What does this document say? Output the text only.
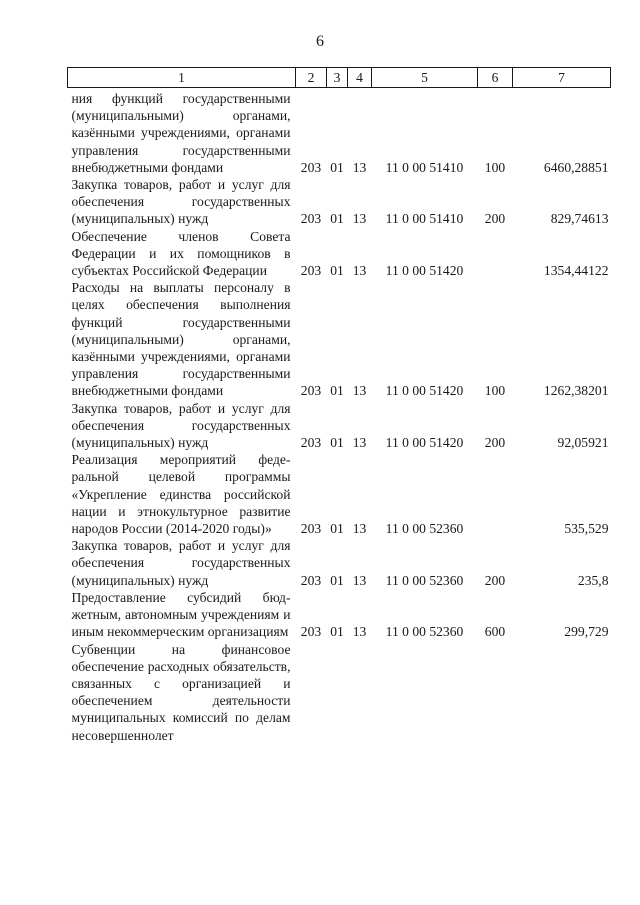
6
1	2	3	4	5	6	7
ния функций государственными (муниципальными) органами, казёнными учреждениями, органами управления государственными внебюджетными фондами	203	01	13	11 0 00 51410	100	6460,28851
Закупка товаров, работ и услуг для обеспечения государственных (муниципальных) нужд	203	01	13	11 0 00 51410	200	829,74613
Обеспечение членов Совета Федерации и их помощников в субъектах Российской Федерации	203	01	13	11 0 00 51420		1354,44122
Расходы на выплаты персоналу в целях обеспечения выполнения функций государственными (муниципальными) органами, казёнными учреждениями, органами управления государственными внебюджетными фондами	203	01	13	11 0 00 51420	100	1262,38201
Закупка товаров, работ и услуг для обеспечения государственных (муниципальных) нужд	203	01	13	11 0 00 51420	200	92,05921
Реализация мероприятий федеральной целевой программы «Укрепление единства российской нации и этнокультурное развитие народов России (2014-2020 годы)»	203	01	13	11 0 00 52360		535,529
Закупка товаров, работ и услуг для обеспечения государственных (муниципальных) нужд	203	01	13	11 0 00 52360	200	235,8
Предоставление субсидий бюджетным, автономным учреждениям и иным некоммерческим организациям	203	01	13	11 0 00 52360	600	299,729
Субвенции на финансовое обеспечение расходных обязательств, связанных с организацией и обеспечением деятельности муниципальных комиссий по делам несовершеннолет						
